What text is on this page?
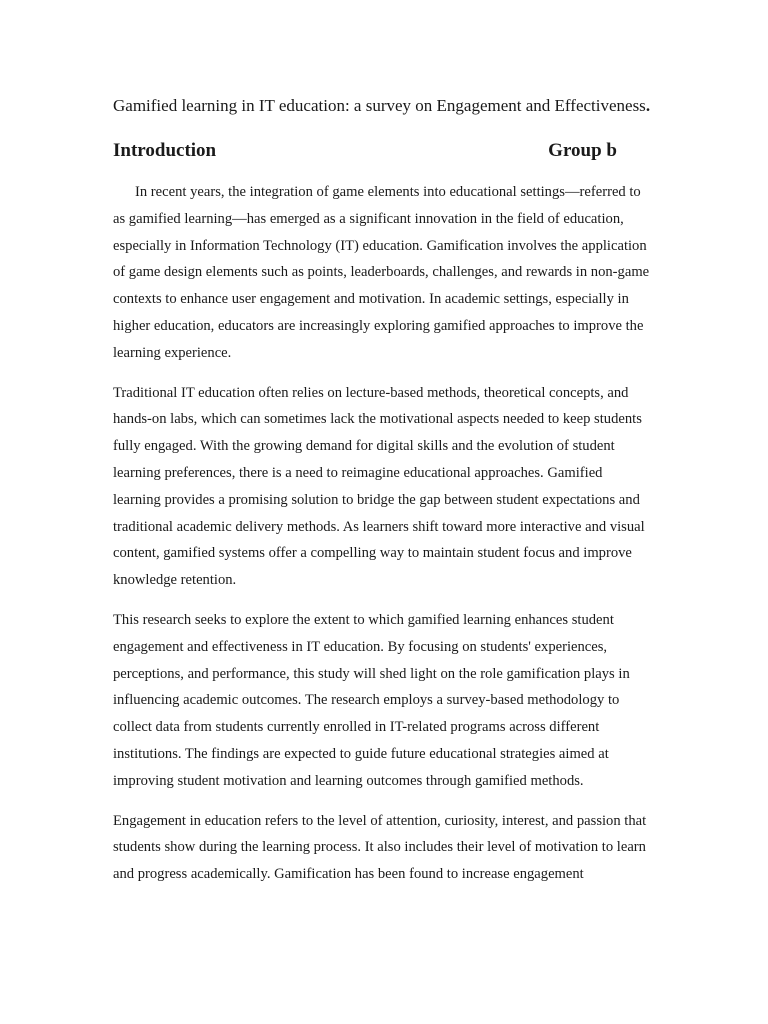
Gamified learning in IT education: a survey on Engagement and Effectiveness.

Introduction	Group b

In recent years, the integration of game elements into educational settings—referred to as gamified learning—has emerged as a significant innovation in the field of education, especially in Information Technology (IT) education. Gamification involves the application of game design elements such as points, leaderboards, challenges, and rewards in non-game contexts to enhance user engagement and motivation. In academic settings, especially in higher education, educators are increasingly exploring gamified approaches to improve the learning experience.

Traditional IT education often relies on lecture-based methods, theoretical concepts, and hands-on labs, which can sometimes lack the motivational aspects needed to keep students fully engaged. With the growing demand for digital skills and the evolution of student learning preferences, there is a need to reimagine educational approaches. Gamified learning provides a promising solution to bridge the gap between student expectations and traditional academic delivery methods. As learners shift toward more interactive and visual content, gamified systems offer a compelling way to maintain student focus and improve knowledge retention.

This research seeks to explore the extent to which gamified learning enhances student engagement and effectiveness in IT education. By focusing on students' experiences, perceptions, and performance, this study will shed light on the role gamification plays in influencing academic outcomes. The research employs a survey-based methodology to collect data from students currently enrolled in IT-related programs across different institutions. The findings are expected to guide future educational strategies aimed at improving student motivation and learning outcomes through gamified methods.

Engagement in education refers to the level of attention, curiosity, interest, and passion that students show during the learning process. It also includes their level of motivation to learn and progress academically. Gamification has been found to increase engagement
